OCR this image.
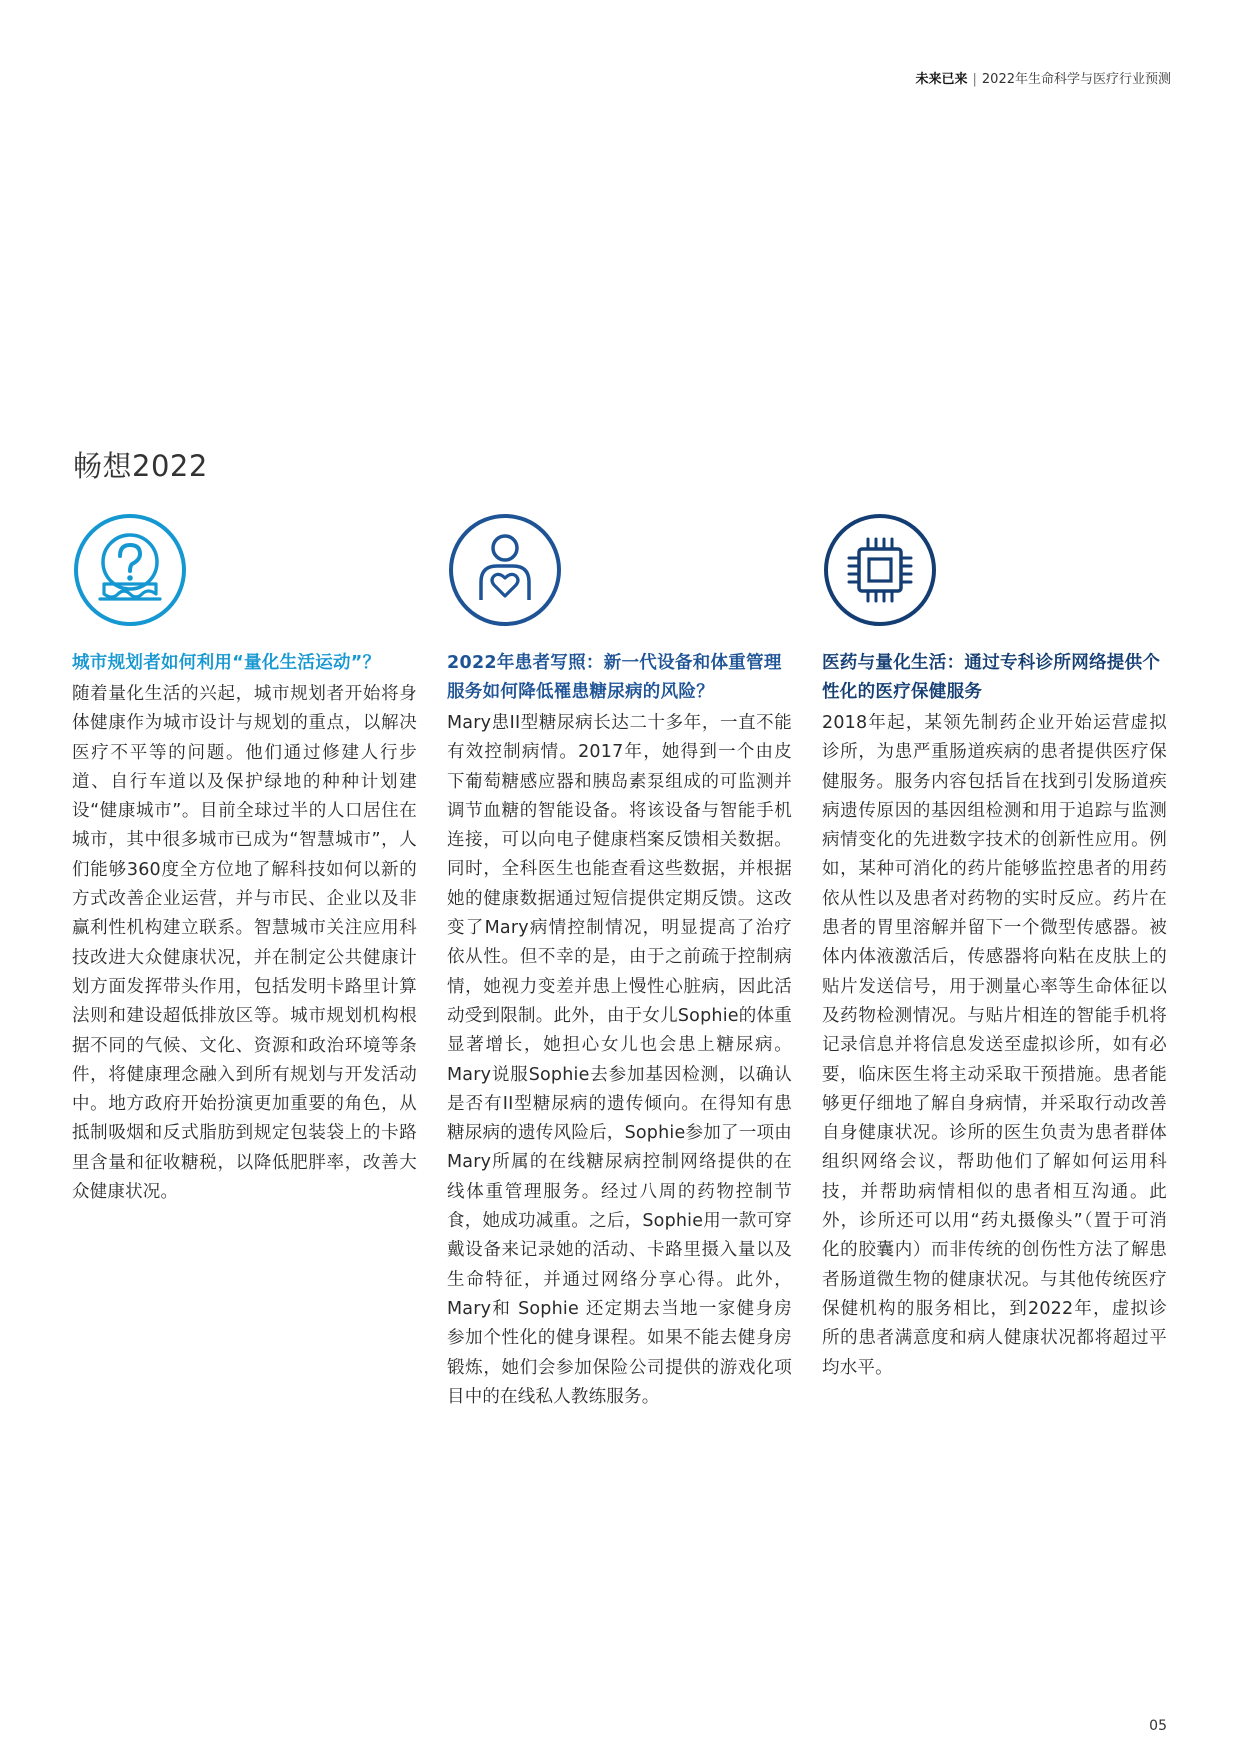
未来已来 | 2022年生命科学与医疗行业预测
畅想2022
城市规划者如何利用“量化生活运动”？

随着量化生活的兴起，城市规划者开始将身体健康作为城市设计与规划的重点，以解决医疗不平等的问题。他们通过修建人行步道、自行车道以及保护绿地的种种计划建设“健康城市”。目前全球过半的人口居住在城市，其中很多城市已成为“智慧城市”，人们能够360度全方位地了解科技如何以新的方式改善企业运营，并与市民、企业以及非赢利性机构建立联系。智慧城市关注应用科技改进大众健康状况，并在制定公共健康计划方面发挥带头作用，包括发明卡路里计算法则和建设超低排放区等。城市规划机构根据不同的气候、文化、资源和政治环境等条件，将健康理念融入到所有规划与开发活动中。地方政府开始扮演更加重要的角色，从抵制吸烟和反式脂肪到规定包装袋上的卡路里含量和征收糖税，以降低肥胖率，改善大众健康状况。

2022年患者写照：新一代设备和体重管理服务如何降低罹患糖尿病的风险？

Mary患II型糖尿病长达二十多年，一直不能有效控制病情。2017年，她得到一个由皮下葡萄糖感应器和胰岛素泵组成的可监测并调节血糖的智能设备。将该设备与智能手机连接，可以向电子健康档案反馈相关数据。同时，全科医生也能查看这些数据，并根据她的健康数据通过短信提供定期反馈。这改变了Mary病情控制情况，明显提高了治疗依从性。但不幸的是，由于之前疏于控制病情，她视力变差并患上慢性心脏病，因此活动受到限制。此外，由于女儿Sophie的体重显著增长，她担心女儿也会患上糖尿病。Mary说服Sophie去参加基因检测，以确认是否有II型糖尿病的遗传倾向。在得知有患糖尿病的遗传风险后，Sophie参加了一项由Mary所属的在线糖尿病控制网络提供的在线体重管理服务。经过八周的药物控制节食，她成功减重。之后，Sophie用一款可穿戴设备来记录她的活动、卡路里摄入量以及生命特征，并通过网络分享心得。此外，Mary和 Sophie 还定期去当地一家健身房参加个性化的健身课程。如果不能去健身房锻炼，她们会参加保险公司提供的游戏化项目中的在线私人教练服务。

医药与量化生活：通过专科诊所网络提供个性化的医疗保健服务

2018年起，某领先制药企业开始运营虚拟诊所，为患严重肠道疾病的患者提供医疗保健服务。服务内容包括旨在找到引发肠道疾病遗传原因的基因组检测和用于追踪与监测病情变化的先进数字技术的创新性应用。例如，某种可消化的药片能够监控患者的用药依从性以及患者对药物的实时反应。药片在患者的胃里溶解并留下一个微型传感器。被体内体液激活后，传感器将向粘在皮肤上的贴片发送信号，用于测量心率等生命体征以及药物检测情况。与贴片相连的智能手机将记录信息并将信息发送至虚拟诊所，如有必要，临床医生将主动采取干预措施。患者能够更仔细地了解自身病情，并采取行动改善自身健康状况。诊所的医生负责为患者群体组织网络会议，帮助他们了解如何运用科技，并帮助病情相似的患者相互沟通。此外，诊所还可以用“药丸摄像头”（置于可消化的胶囊内）而非传统的创伤性方法了解患者肠道微生物的健康状况。与其他传统医疗保健机构的服务相比，到2022年，虚拟诊所的患者满意度和病人健康状况都将超过平均水平。

05
